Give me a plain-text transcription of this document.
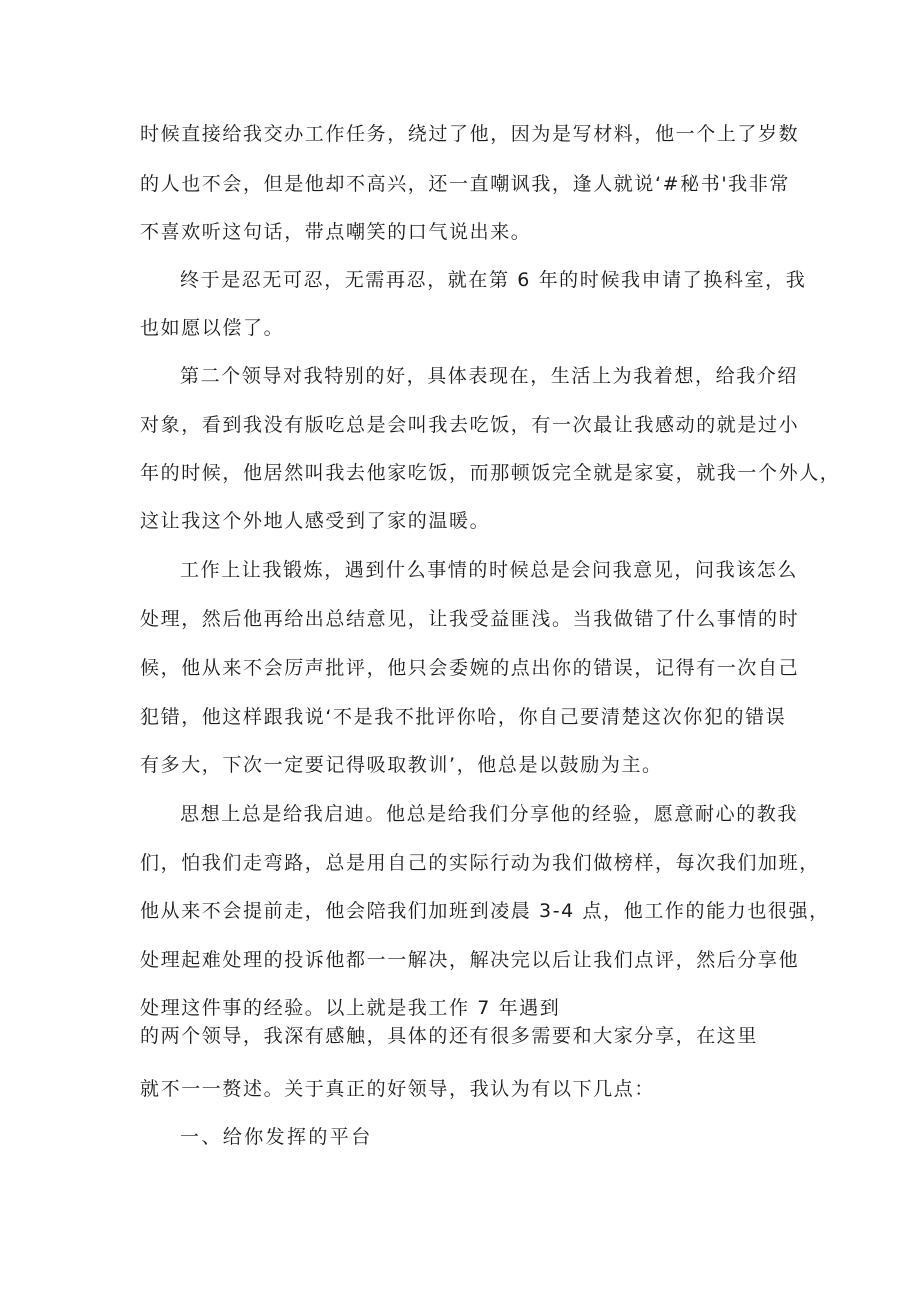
时候直接给我交办工作任务，绕过了他，因为是写材料，他一个上了岁数
的人也不会，但是他却不高兴，还一直嘲讽我，逢人就说‘#秘书'我非常
不喜欢听这句话，带点嘲笑的口气说出来。
终于是忍无可忍，无需再忍，就在第 6 年的时候我申请了换科室，我
也如愿以偿了。
第二个领导对我特别的好，具体表现在，生活上为我着想，给我介绍
对象，看到我没有版吃总是会叫我去吃饭，有一次最让我感动的就是过小
年的时候，他居然叫我去他家吃饭，而那顿饭完全就是家宴，就我一个外人，
这让我这个外地人感受到了家的温暖。
工作上让我锻炼，遇到什么事情的时候总是会问我意见，问我该怎么
处理，然后他再给出总结意见，让我受益匪浅。当我做错了什么事情的时
候，他从来不会厉声批评，他只会委婉的点出你的错误，记得有一次自己
犯错，他这样跟我说‘不是我不批评你哈，你自己要清楚这次你犯的错误
有多大，下次一定要记得吸取教训’，他总是以鼓励为主。
思想上总是给我启迪。他总是给我们分享他的经验，愿意耐心的教我
们，怕我们走弯路，总是用自己的实际行动为我们做榜样，每次我们加班，
他从来不会提前走，他会陪我们加班到凌晨 3-4 点，他工作的能力也很强，
处理起难处理的投诉他都一一解决，解决完以后让我们点评，然后分享他
处理这件事的经验。以上就是我工作 7 年遇到
的两个领导，我深有感触，具体的还有很多需要和大家分享，在这里
就不一一赘述。关于真正的好领导，我认为有以下几点：
一、给你发挥的平台
